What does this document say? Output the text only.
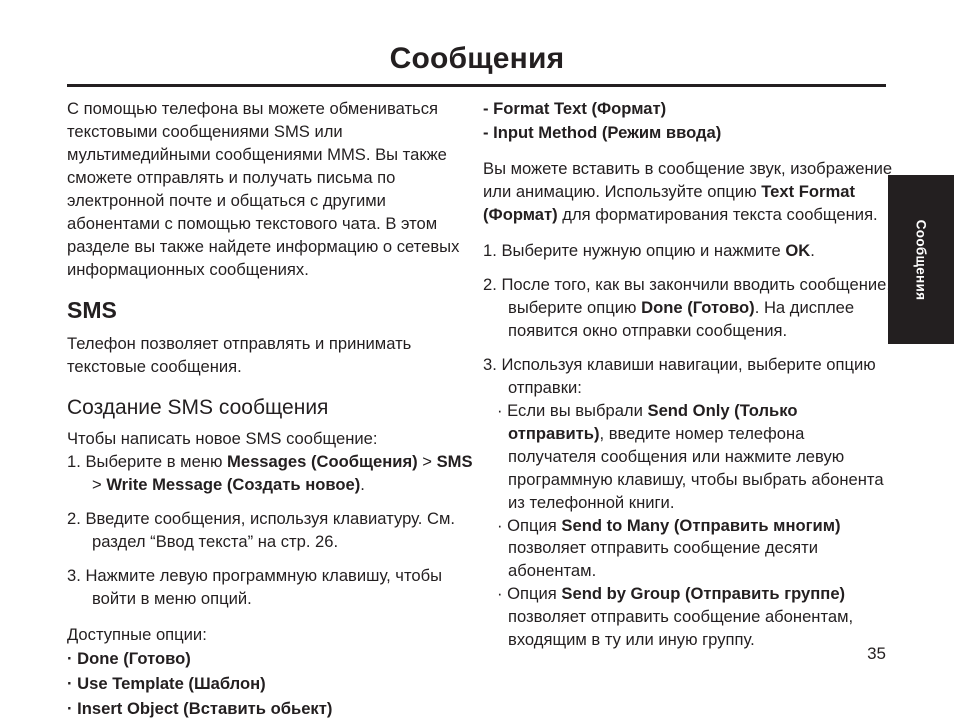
Сообщения
Сообщения

С помощью телефона вы можете обмениваться текстовыми сообщениями SMS или мультимедийными сообщениями MMS. Вы также сможете отправлять и получать письма по электронной почте и общаться с другими абонентами с помощью текстового чата. В этом разделе вы также найдете информацию о сетевых информационных сообщениях.

SMS

Телефон позволяет отправлять и принимать текстовые сообщения.

Создание SMS сообщения

Чтобы написать новое SMS сообщение:

1. Выберите в меню Messages (Сообщения) > SMS > Write Message (Создать новое).

2. Введите сообщения, используя клавиатуру. См. раздел “Ввод текста” на стр. 26.

3. Нажмите левую программную клавишу, чтобы войти в меню опций.

Доступные опции:

· Done (Готово)

· Use Template (Шаблон)

· Insert Object (Вставить обьект)

- Format Text (Формат)

- Input Method (Режим ввода)

Вы можете вставить в сообщение звук, изображение или анимацию. Используйте опцию Text Format (Формат) для форматирования текста сообщения.

1. Выберите нужную опцию и нажмите OK.

2. После того, как вы закончили вводить сообщение, выберите опцию Done (Готово). На дисплее появится окно отправки сообщения.

3. Используя клавиши навигации, выберите опцию отправки:

· Если вы выбрали Send Only (Только отправить), введите номер телефона получателя сообщения или нажмите левую программную клавишу, чтобы выбрать абонента из телефонной книги.

· Опция Send to Many (Отправить многим) позволяет отправить сообщение десяти абонентам.

· Опция Send by Group (Отправить группе) позволяет отправить сообщение абонентам, входящим в ту или иную группу.

35
